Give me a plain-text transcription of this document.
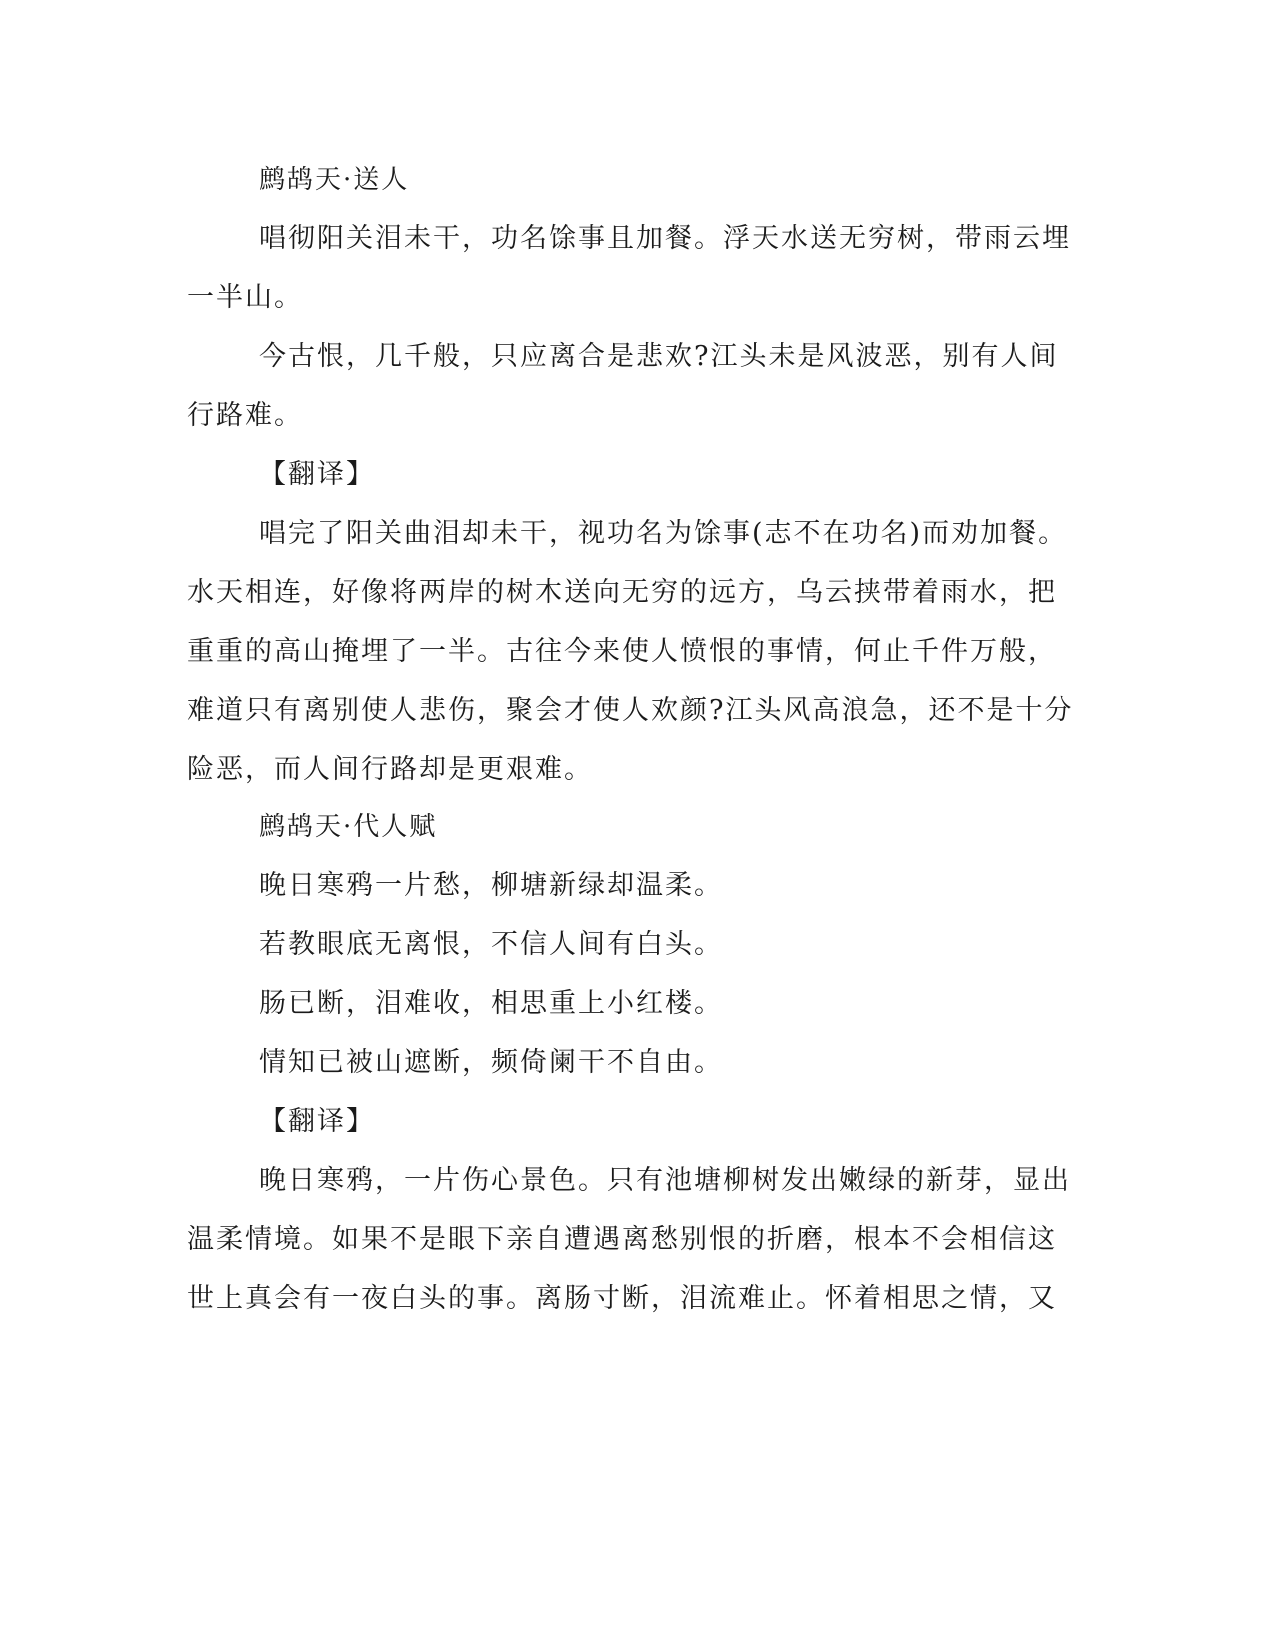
鹧鸪天·送人

唱彻阳关泪未干，功名馀事且加餐。浮天水送无穷树，带雨云埋

一半山。

今古恨，几千般，只应离合是悲欢?江头未是风波恶，别有人间

行路难。

【翻译】

唱完了阳关曲泪却未干，视功名为馀事(志不在功名)而劝加餐。

水天相连，好像将两岸的树木送向无穷的远方，乌云挟带着雨水，把

重重的高山掩埋了一半。古往今来使人愤恨的事情，何止千件万般，

难道只有离别使人悲伤，聚会才使人欢颜?江头风高浪急，还不是十分

险恶，而人间行路却是更艰难。

鹧鸪天·代人赋

晚日寒鸦一片愁，柳塘新绿却温柔。

若教眼底无离恨，不信人间有白头。

肠已断，泪难收，相思重上小红楼。

情知已被山遮断，频倚阑干不自由。

【翻译】

晚日寒鸦，一片伤心景色。只有池塘柳树发出嫩绿的新芽，显出

温柔情境。如果不是眼下亲自遭遇离愁别恨的折磨，根本不会相信这

世上真会有一夜白头的事。离肠寸断，泪流难止。怀着相思之情，又
